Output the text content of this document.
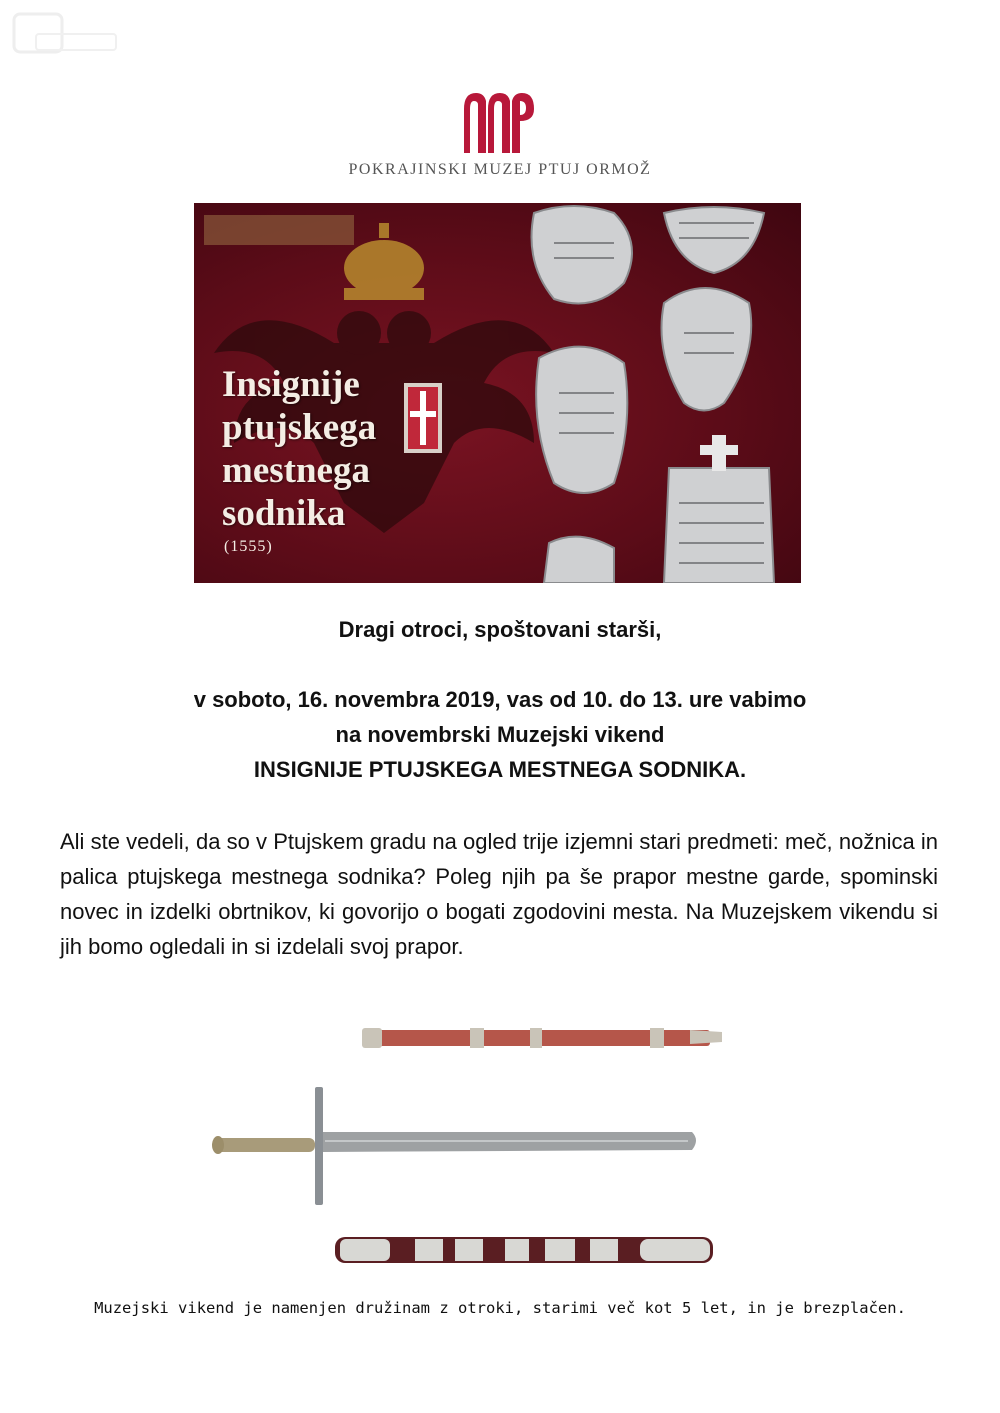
POKRAJINSKI MUZEJ PTUJ ORMOŽ
Insignije
ptujskega
mestnega
sodnika
(1555)
Dragi otroci, spoštovani starši,
v soboto, 16. novembra 2019, vas od 10. do 13. ure vabimo
na novembrski Muzejski vikend
INSIGNIJE PTUJSKEGA MESTNEGA SODNIKA.
Ali ste vedeli, da so v Ptujskem gradu na ogled trije izjemni stari predmeti: meč, nožnica in palica ptujskega mestnega sodnika? Poleg njih pa še prapor mestne garde, spominski novec in izdelki obrtnikov, ki govorijo o bogati zgodovini mesta. Na Muzejskem vikendu si jih bomo ogledali in si izdelali svoj prapor.
Muzejski vikend je namenjen družinam z otroki, starimi več kot 5 let, in je brezplačen.
